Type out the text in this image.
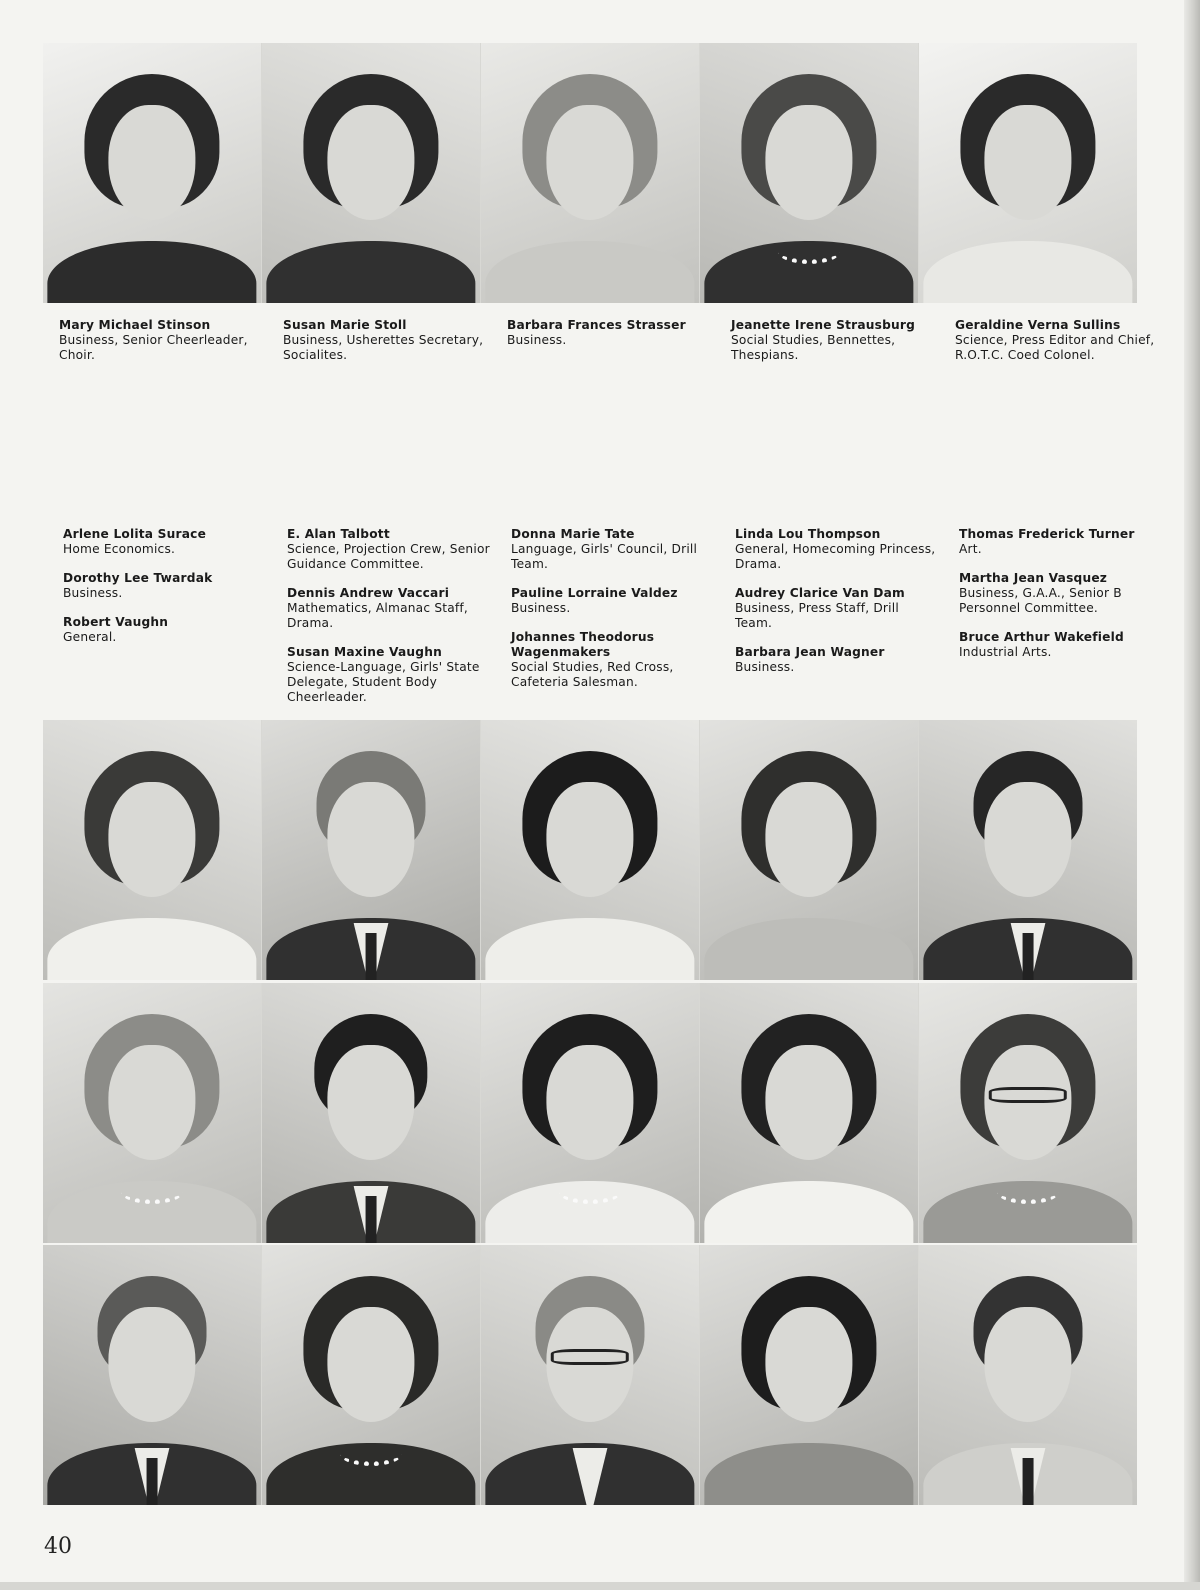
Mary Michael Stinson
Business, Senior Cheerleader, Choir.
Susan Marie Stoll
Business, Usherettes Secretary, Socialites.
Barbara Frances Strasser
Business.
Jeanette Irene Strausburg
Social Studies, Bennettes, Thespians.
Geraldine Verna Sullins
Science, Press Editor and Chief, R.O.T.C. Coed Colonel.
Arlene Lolita Surace
Home Economics.
Dorothy Lee Twardak
Business.
Robert Vaughn
General.
E. Alan Talbott
Science, Projection Crew, Senior Guidance Committee.
Dennis Andrew Vaccari
Mathematics, Almanac Staff, Drama.
Susan Maxine Vaughn
Science-Language, Girls' State Delegate, Student Body Cheerleader.
Donna Marie Tate
Language, Girls' Council, Drill Team.
Pauline Lorraine Valdez
Business.
Johannes Theodorus Wagenmakers
Social Studies, Red Cross, Cafeteria Salesman.
Linda Lou Thompson
General, Homecoming Princess, Drama.
Audrey Clarice Van Dam
Business, Press Staff, Drill Team.
Barbara Jean Wagner
Business.
Thomas Frederick Turner
Art.
Martha Jean Vasquez
Business, G.A.A., Senior B Personnel Committee.
Bruce Arthur Wakefield
Industrial Arts.
40
